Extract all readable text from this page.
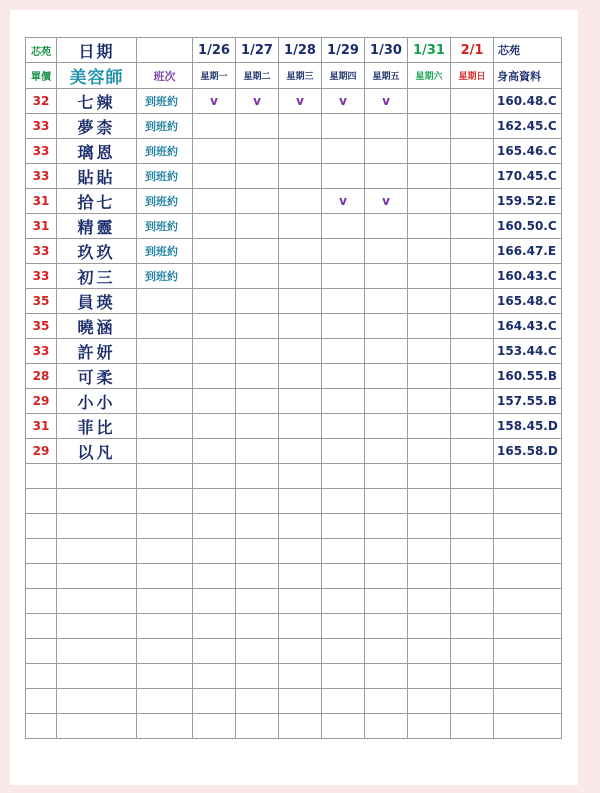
芯苑	日期		1/26	1/27	1/28	1/29	1/30	1/31	2/1	芯苑
單價	美容師	班次	星期一	星期二	星期三	星期四	星期五	星期六	星期日	身高資料
32	七辣	到班約	v	v	v	v	v			160.48.C
33	夢柰	到班約								162.45.C
33	璃恩	到班約								165.46.C
33	貼貼	到班約								170.45.C
31	拾七	到班約				v	v			159.52.E
31	精靈	到班約								160.50.C
33	玖玖	到班約								166.47.E
33	初三	到班約								160.43.C
35	員瑛									165.48.C
35	曉涵									164.43.C
33	許妍									153.44.C
28	可柔									160.55.B
29	小小									157.55.B
31	菲比									158.45.D
29	以凡									165.58.D
